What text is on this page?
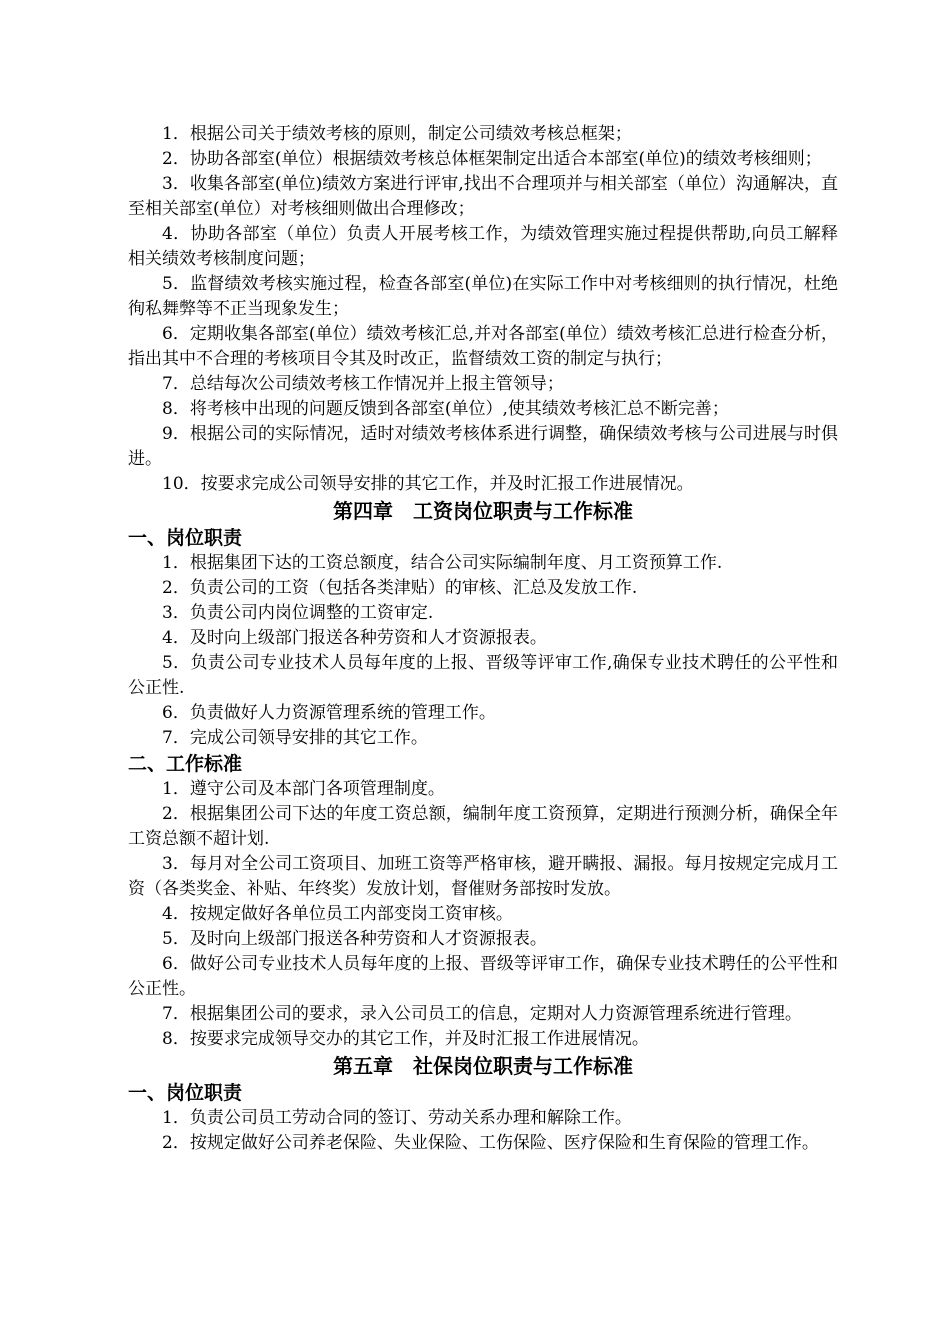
1．根据公司关于绩效考核的原则，制定公司绩效考核总框架；

2．协助各部室(单位）根据绩效考核总体框架制定出适合本部室(单位)的绩效考核细则；

3．收集各部室(单位)绩效方案进行评审,找出不合理项并与相关部室（单位）沟通解决，直至相关部室(单位）对考核细则做出合理修改；

4．协助各部室（单位）负责人开展考核工作，为绩效管理实施过程提供帮助,向员工解释相关绩效考核制度问题；

5．监督绩效考核实施过程，检查各部室(单位)在实际工作中对考核细则的执行情况，杜绝徇私舞弊等不正当现象发生；

6．定期收集各部室(单位）绩效考核汇总,并对各部室(单位）绩效考核汇总进行检查分析，指出其中不合理的考核项目令其及时改正，监督绩效工资的制定与执行；

7．总结每次公司绩效考核工作情况并上报主管领导；

8．将考核中出现的问题反馈到各部室(单位）,使其绩效考核汇总不断完善；

9．根据公司的实际情况，适时对绩效考核体系进行调整，确保绩效考核与公司进展与时俱进。

10．按要求完成公司领导安排的其它工作，并及时汇报工作进展情况。

第四章　工资岗位职责与工作标准
一、岗位职责

1．根据集团下达的工资总额度，结合公司实际编制年度、月工资预算工作.

2．负责公司的工资（包括各类津贴）的审核、汇总及发放工作.

3．负责公司内岗位调整的工资审定.

4．及时向上级部门报送各种劳资和人才资源报表。

5．负责公司专业技术人员每年度的上报、晋级等评审工作,确保专业技术聘任的公平性和公正性.

6．负责做好人力资源管理系统的管理工作。

7．完成公司领导安排的其它工作。

二、工作标准

1．遵守公司及本部门各项管理制度。

2．根据集团公司下达的年度工资总额，编制年度工资预算，定期进行预测分析，确保全年工资总额不超计划.

3．每月对全公司工资项目、加班工资等严格审核，避开瞒报、漏报。每月按规定完成月工资（各类奖金、补贴、年终奖）发放计划，督催财务部按时发放。

4．按规定做好各单位员工内部变岗工资审核。

5．及时向上级部门报送各种劳资和人才资源报表。

6．做好公司专业技术人员每年度的上报、晋级等评审工作，确保专业技术聘任的公平性和公正性。

7．根据集团公司的要求，录入公司员工的信息，定期对人力资源管理系统进行管理。

8．按要求完成领导交办的其它工作，并及时汇报工作进展情况。

第五章　社保岗位职责与工作标准
一、岗位职责

1．负责公司员工劳动合同的签订、劳动关系办理和解除工作。

2．按规定做好公司养老保险、失业保险、工伤保险、医疗保险和生育保险的管理工作。
